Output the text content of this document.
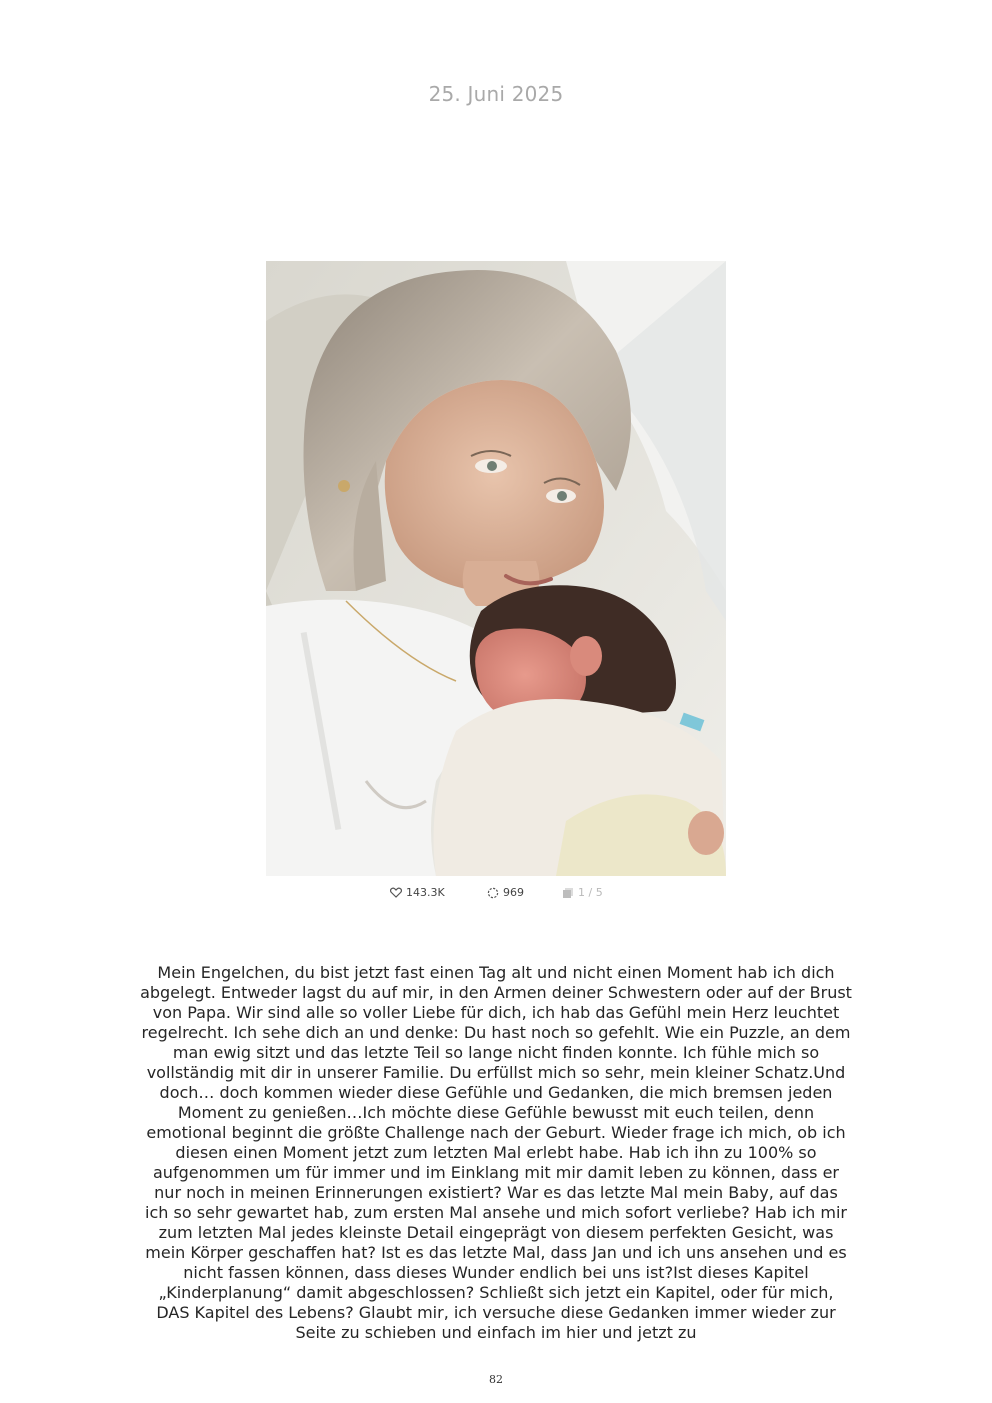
25. Juni 2025
143.3K	969	1 / 5
Mein Engelchen, du bist jetzt fast einen Tag alt und nicht einen Moment hab ich dich abgelegt. Entweder lagst du auf mir, in den Armen deiner Schwestern oder auf der Brust von Papa. Wir sind alle so voller Liebe für dich, ich hab das Gefühl mein Herz leuchtet regelrecht. Ich sehe dich an und denke: Du hast noch so gefehlt. Wie ein Puzzle, an dem man ewig sitzt und das letzte Teil so lange nicht finden konnte. Ich fühle mich so vollständig mit dir in unserer Familie. Du erfüllst mich so sehr, mein kleiner Schatz.Und doch… doch kommen wieder diese Gefühle und Gedanken, die mich bremsen jeden Moment zu genießen…Ich möchte diese Gefühle bewusst mit euch teilen, denn emotional beginnt die größte Challenge nach der Geburt. Wieder frage ich mich, ob ich diesen einen Moment jetzt zum letzten Mal erlebt habe. Hab ich ihn zu 100% so aufgenommen um für immer und im Einklang mit mir damit leben zu können, dass er nur noch in meinen Erinnerungen existiert? War es das letzte Mal mein Baby, auf das ich so sehr gewartet hab, zum ersten Mal ansehe und mich sofort verliebe? Hab ich mir zum letzten Mal jedes kleinste Detail eingeprägt von diesem perfekten Gesicht, was mein Körper geschaffen hat? Ist es das letzte Mal, dass Jan und ich uns ansehen und es nicht fassen können, dass dieses Wunder endlich bei uns ist?Ist dieses Kapitel „Kinderplanung“ damit abgeschlossen? Schließt sich jetzt ein Kapitel, oder für mich, DAS Kapitel des Lebens? Glaubt mir, ich versuche diese Gedanken immer wieder zur Seite zu schieben und einfach im hier und jetzt zu
82
